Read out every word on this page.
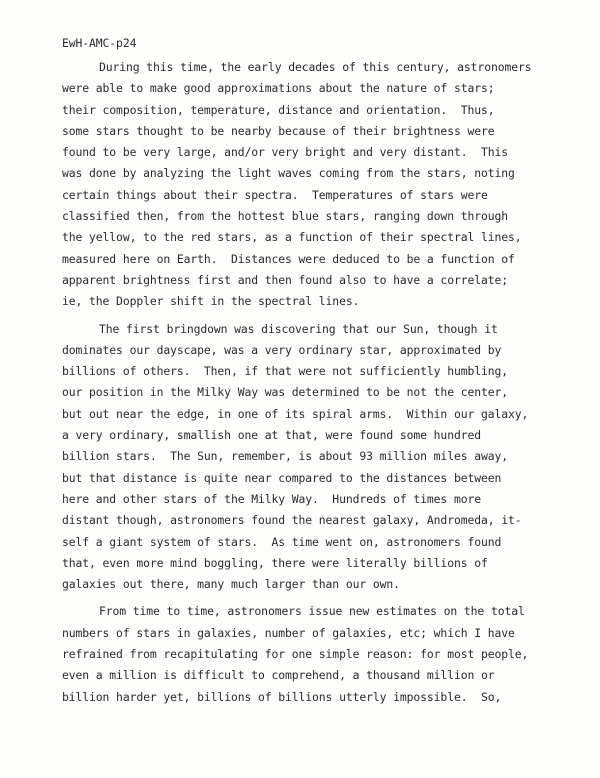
EwH-AMC-p24

During this time, the early decades of this century, astronomers
were able to make good approximations about the nature of stars;
their composition, temperature, distance and orientation.  Thus,
some stars thought to be nearby because of their brightness were
found to be very large, and/or very bright and very distant.  This
was done by analyzing the light waves coming from the stars, noting
certain things about their spectra.  Temperatures of stars were
classified then, from the hottest blue stars, ranging down through
the yellow, to the red stars, as a function of their spectral lines,
measured here on Earth.  Distances were deduced to be a function of
apparent brightness first and then found also to have a correlate;
ie, the Doppler shift in the spectral lines.

The first bringdown was discovering that our Sun, though it
dominates our dayscape, was a very ordinary star, approximated by
billions of others.  Then, if that were not sufficiently humbling,
our position in the Milky Way was determined to be not the center,
but out near the edge, in one of its spiral arms.  Within our galaxy,
a very ordinary, smallish one at that, were found some hundred
billion stars.  The Sun, remember, is about 93 million miles away,
but that distance is quite near compared to the distances between
here and other stars of the Milky Way.  Hundreds of times more
distant though, astronomers found the nearest galaxy, Andromeda, it-
self a giant system of stars.  As time went on, astronomers found
that, even more mind boggling, there were literally billions of
galaxies out there, many much larger than our own.

From time to time, astronomers issue new estimates on the total
numbers of stars in galaxies, number of galaxies, etc; which I have
refrained from recapitulating for one simple reason: for most people,
even a million is difficult to comprehend, a thousand million or
billion harder yet, billions of billions utterly impossible.  So,
